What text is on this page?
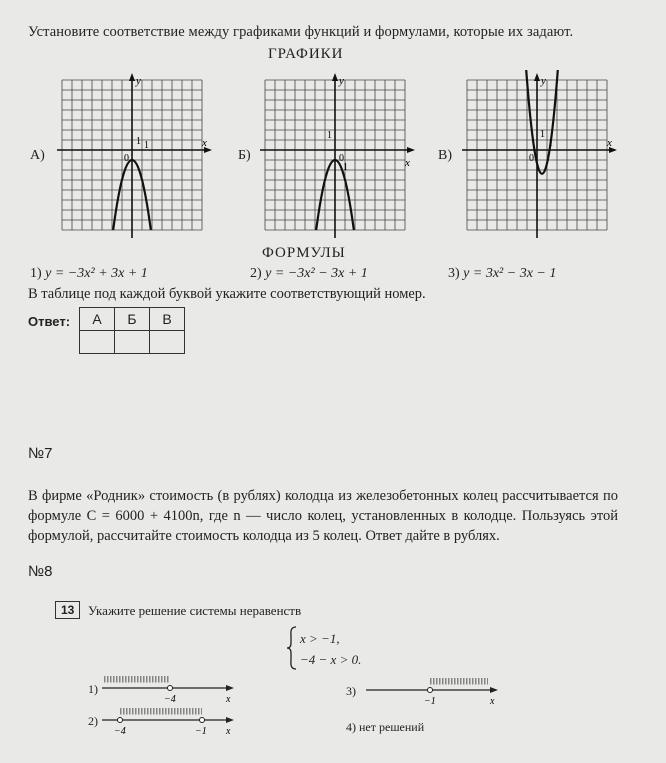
Установите соответствие между графиками функций и формулами, которые их задают.
ГРАФИКИ
А)	Б)	В)
x
y
0
1 1
x
y
0
1
1
x
y
0
1
1
ФОРМУЛЫ
1) y = −3x² + 3x + 1	2) y = −3x² − 3x + 1	3) y = 3x² − 3x − 1
В таблице под каждой буквой укажите соответствующий номер.
Ответ: А	Б	В

№7
В фирме «Родник» стоимость (в рублях) колодца из железобетонных колец рассчитывается по формуле C = 6000 + 4100n, где n — число колец, установленных в колодце. Пользуясь этой формулой, рассчитайте стоимость колодца из 5 колец. Ответ дайте в рублях.
№8
13	Укажите решение системы неравенств
x > −1,
−4 − x > 0.
1)
−4	x
2)
−4	−1 x
3)
−1	x
4) нет решений
